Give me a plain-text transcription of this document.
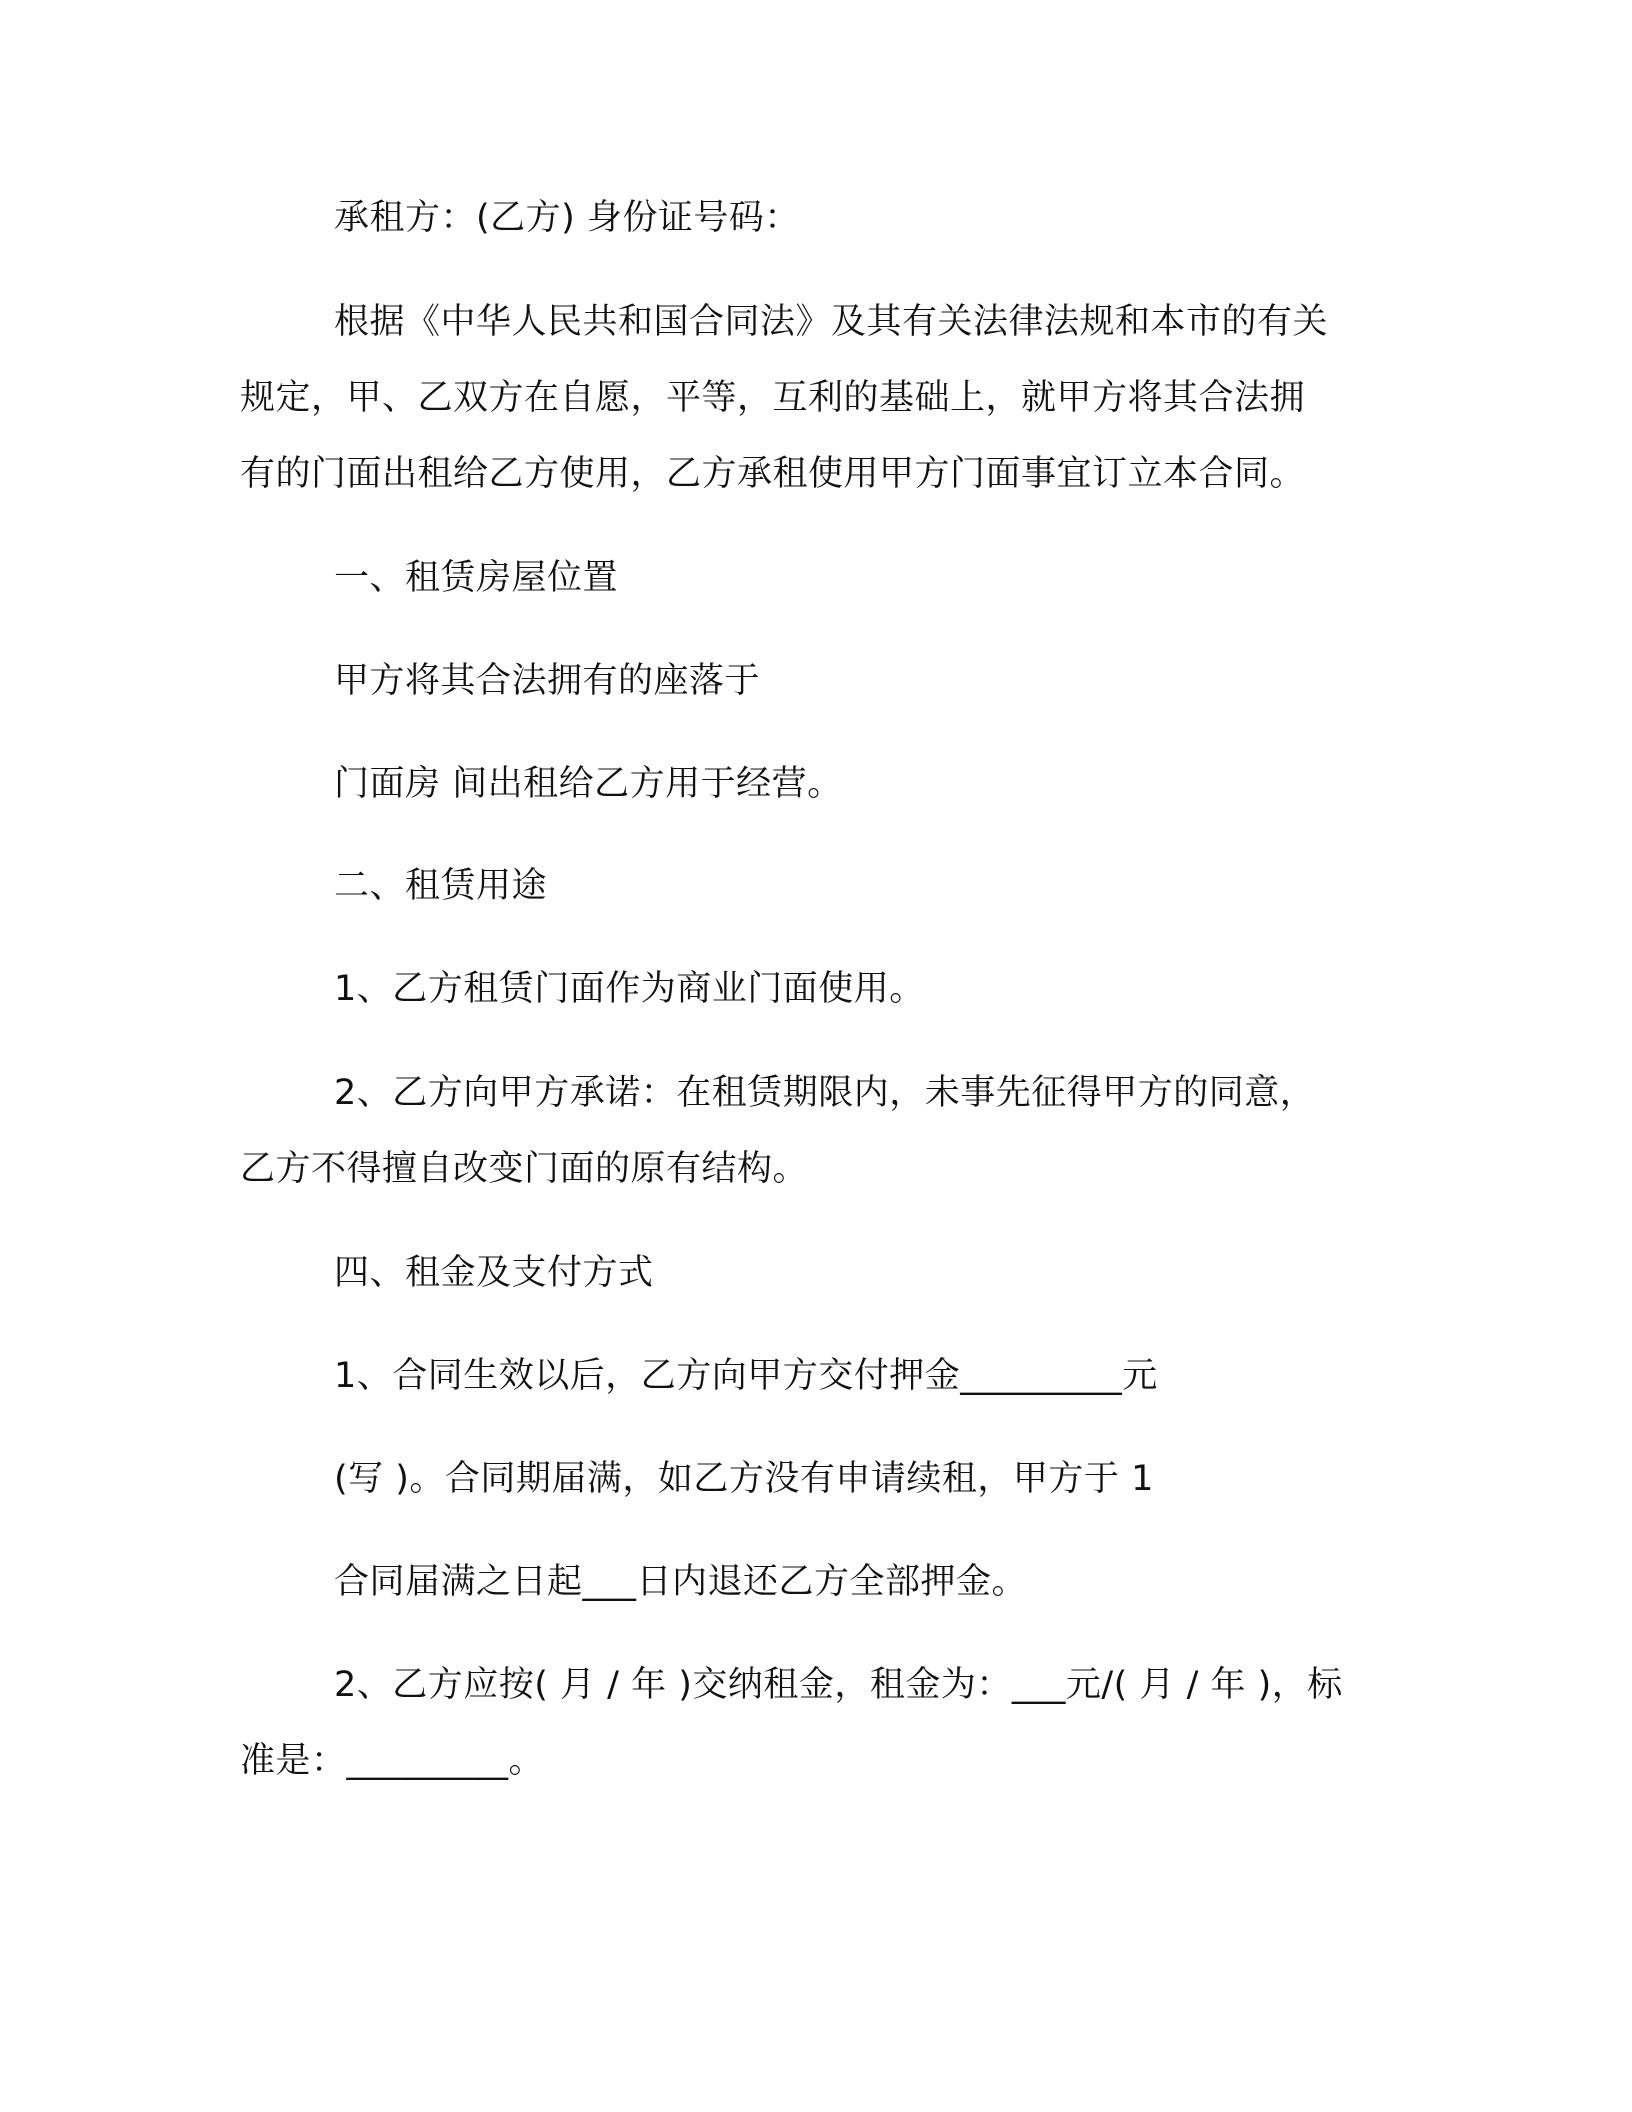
承租方：(乙方) 身份证号码：
根据《中华人民共和国合同法》及其有关法律法规和本市的有关
规定，甲、乙双方在自愿，平等，互利的基础上，就甲方将其合法拥
有的门面出租给乙方使用，乙方承租使用甲方门面事宜订立本合同。
一、租赁房屋位置
甲方将其合法拥有的座落于
门面房 间出租给乙方用于经营。
二、租赁用途
1、乙方租赁门面作为商业门面使用。
2、乙方向甲方承诺：在租赁期限内，未事先征得甲方的同意，
乙方不得擅自改变门面的原有结构。
四、租金及支付方式
1、合同生效以后，乙方向甲方交付押金_________元
(写 )。合同期届满，如乙方没有申请续租，甲方于 1
合同届满之日起___日内退还乙方全部押金。
2、乙方应按( 月 / 年 )交纳租金，租金为：___元/( 月 / 年 )，标
准是：_________。
